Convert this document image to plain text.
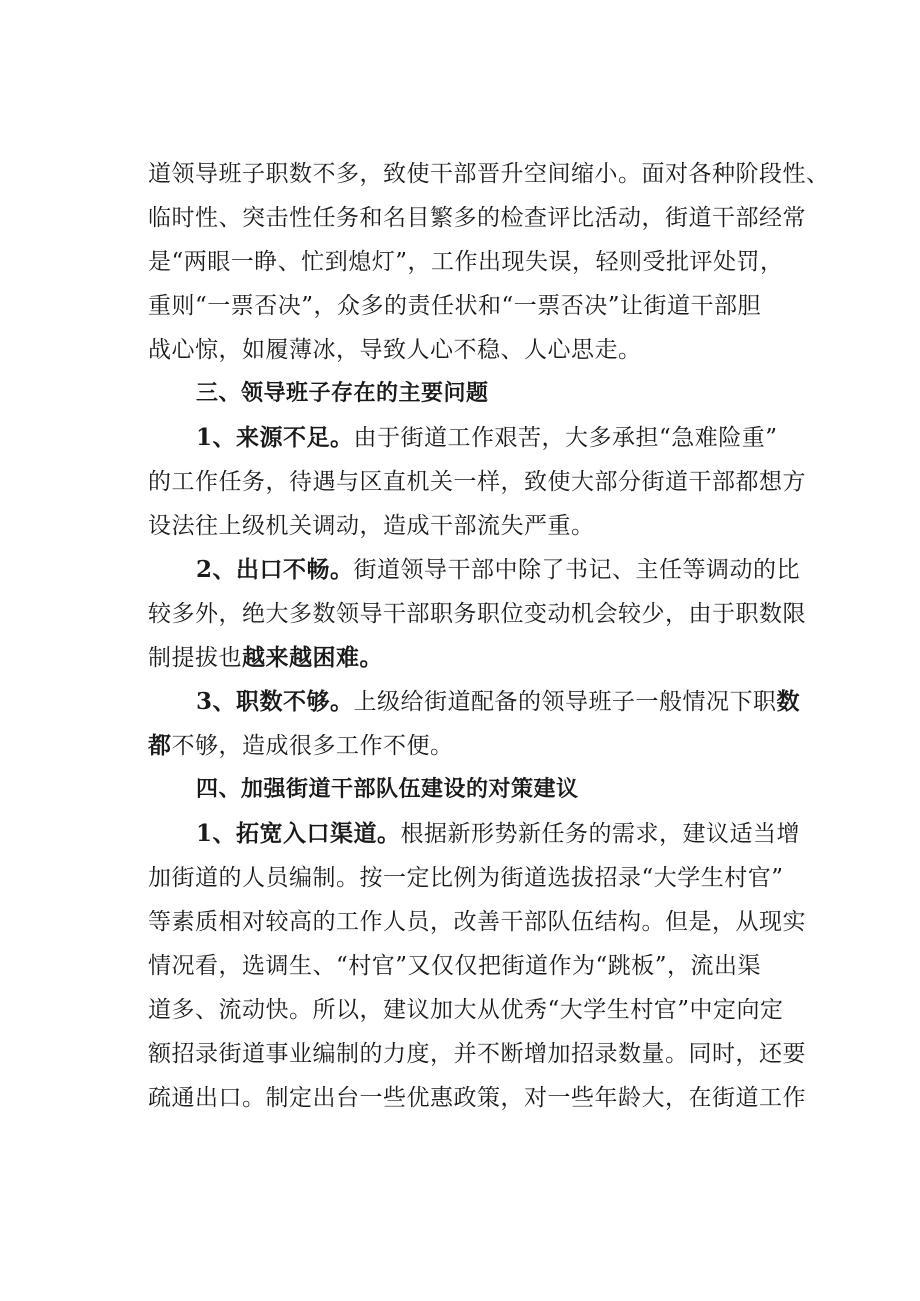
道领导班子职数不多，致使干部晋升空间缩小。面对各种阶段性、
临时性、突击性任务和名目繁多的检查评比活动，街道干部经常
是“两眼一睁、忙到熄灯”，工作出现失误，轻则受批评处罚，
重则“一票否决”，众多的责任状和“一票否决”让街道干部胆
战心惊，如履薄冰，导致人心不稳、人心思走。
三、领导班子存在的主要问题
1、来源不足。由于街道工作艰苦，大多承担“急难险重”
的工作任务，待遇与区直机关一样，致使大部分街道干部都想方
设法往上级机关调动，造成干部流失严重。
2、出口不畅。街道领导干部中除了书记、主任等调动的比
较多外，绝大多数领导干部职务职位变动机会较少，由于职数限
制提拔也越来越困难。
3、职数不够。上级给街道配备的领导班子一般情况下职数
都不够，造成很多工作不便。
四、加强街道干部队伍建设的对策建议
1、拓宽入口渠道。根据新形势新任务的需求，建议适当增
加街道的人员编制。按一定比例为街道选拔招录“大学生村官”
等素质相对较高的工作人员，改善干部队伍结构。但是，从现实
情况看，选调生、“村官”又仅仅把街道作为“跳板”，流出渠
道多、流动快。所以，建议加大从优秀“大学生村官”中定向定
额招录街道事业编制的力度，并不断增加招录数量。同时，还要
疏通出口。制定出台一些优惠政策，对一些年龄大，在街道工作
